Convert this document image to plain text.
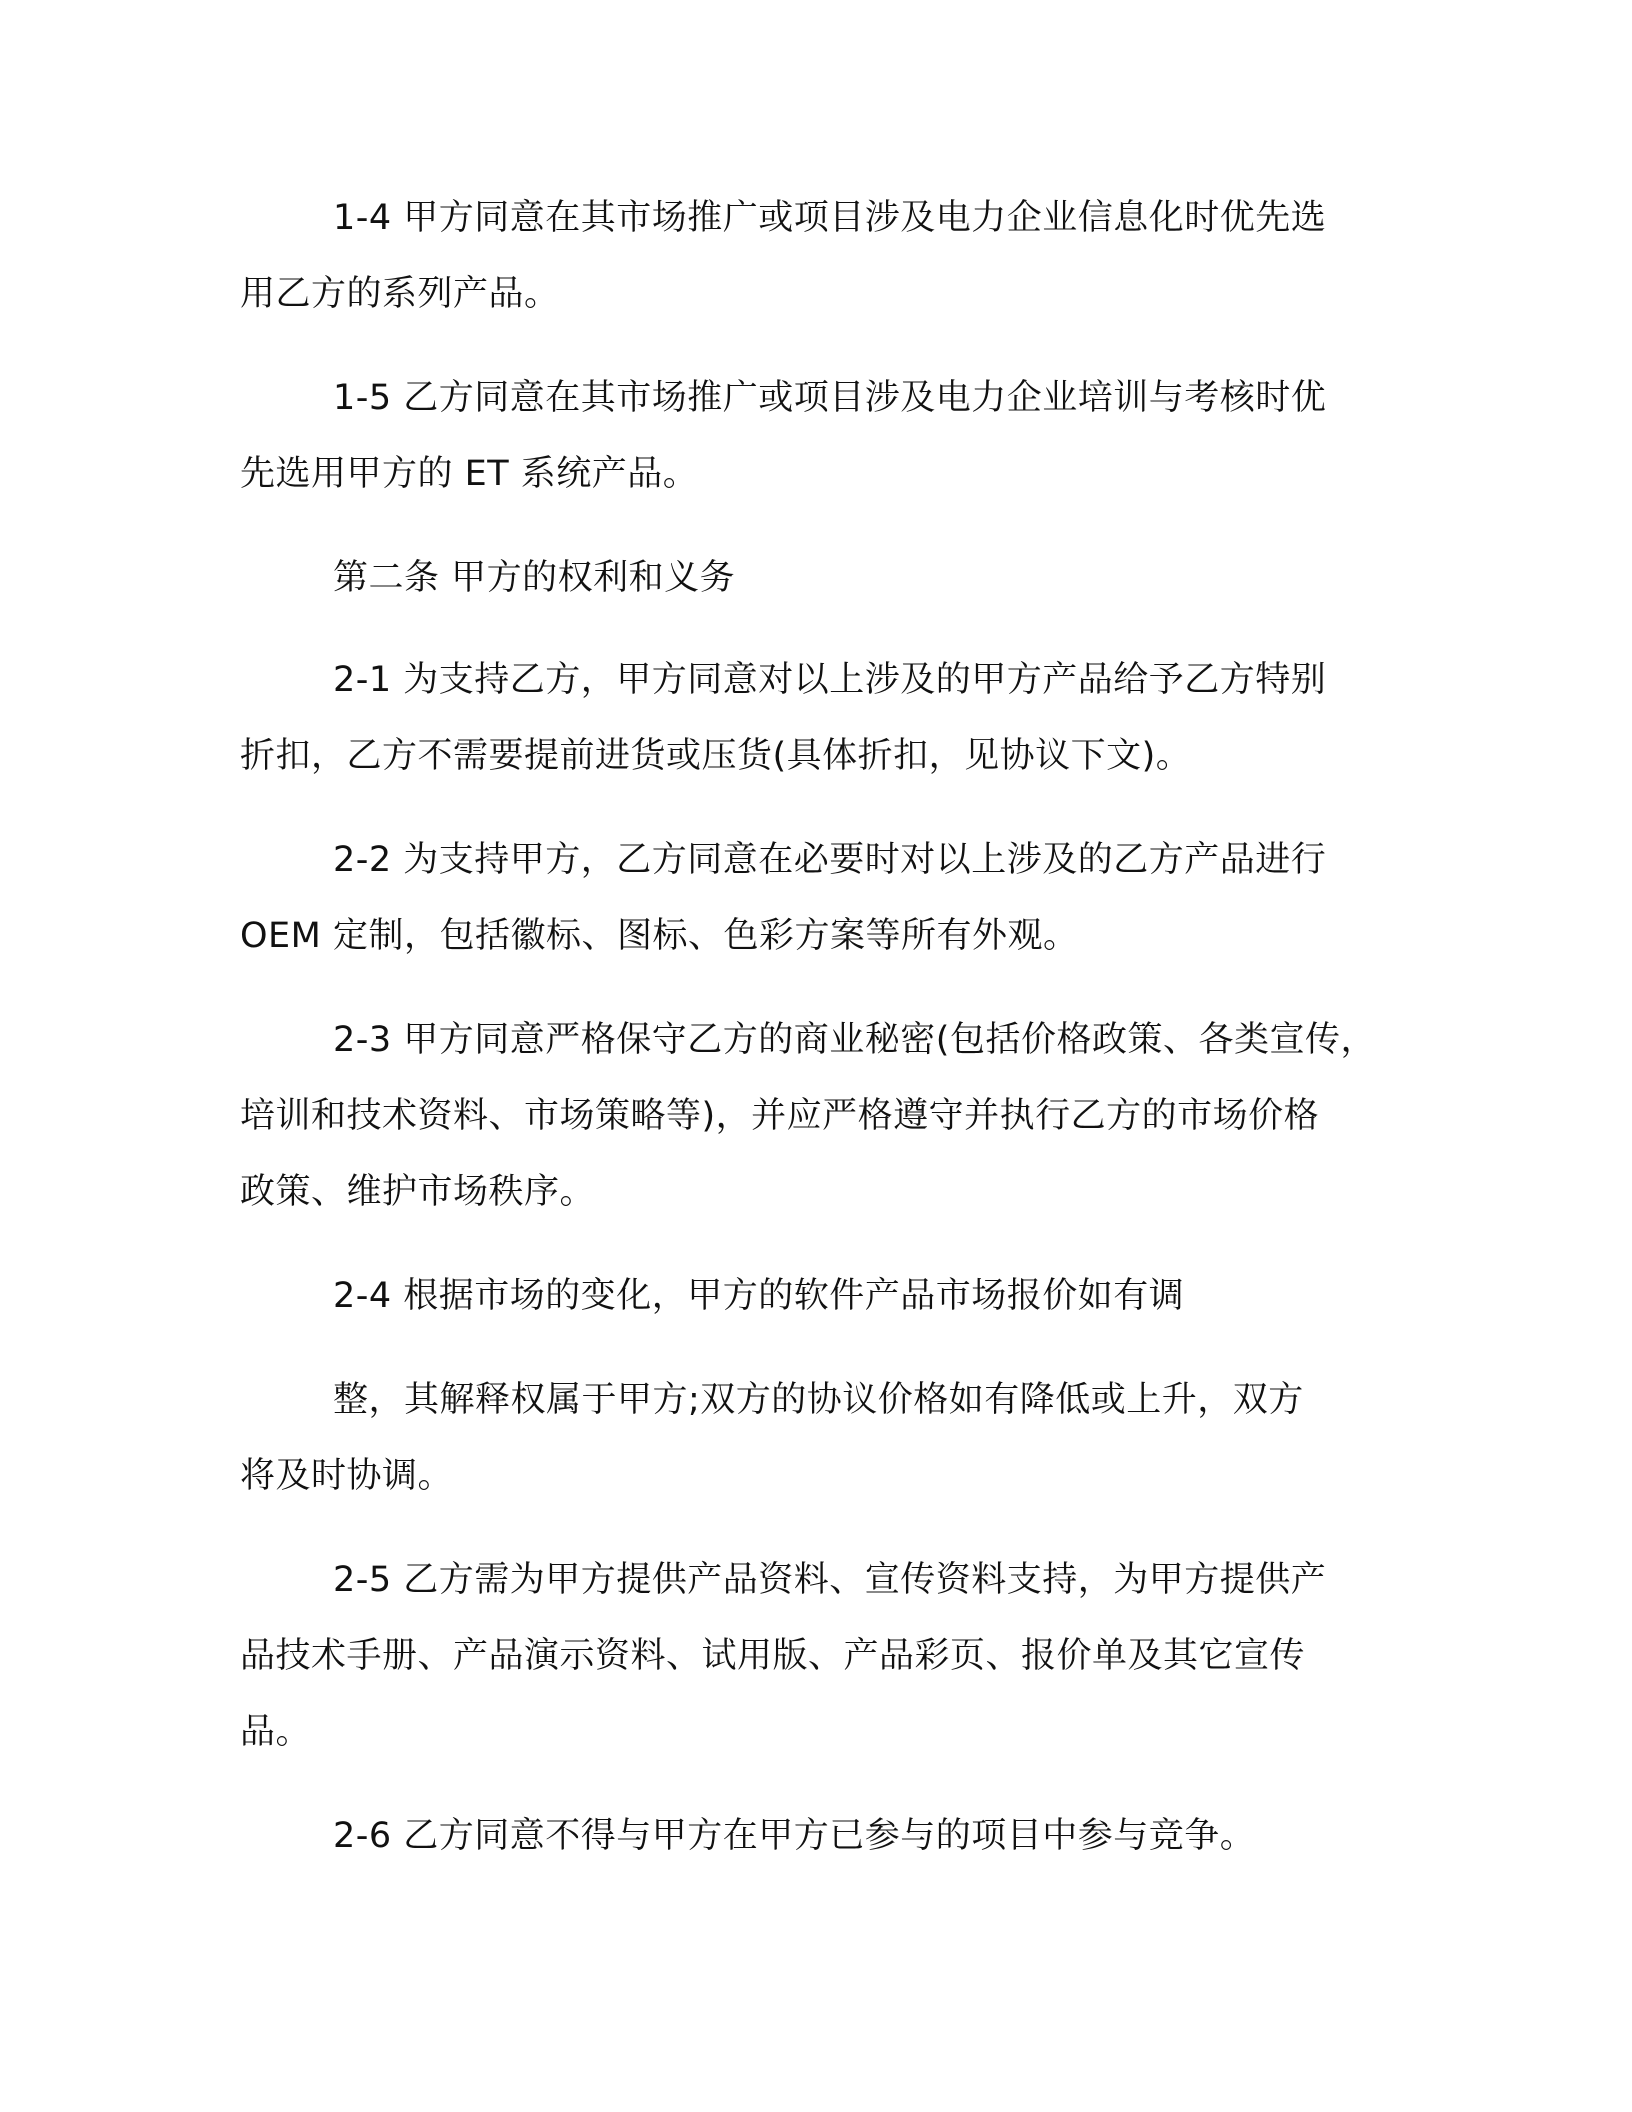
1-4 甲方同意在其市场推广或项目涉及电力企业信息化时优先选
用乙方的系列产品。
1-5 乙方同意在其市场推广或项目涉及电力企业培训与考核时优
先选用甲方的 ET 系统产品。
第二条 甲方的权利和义务
2-1 为支持乙方，甲方同意对以上涉及的甲方产品给予乙方特别
折扣，乙方不需要提前进货或压货(具体折扣，见协议下文)。
2-2 为支持甲方，乙方同意在必要时对以上涉及的乙方产品进行
OEM 定制，包括徽标、图标、色彩方案等所有外观。
2-3 甲方同意严格保守乙方的商业秘密(包括价格政策、各类宣传，
培训和技术资料、市场策略等)，并应严格遵守并执行乙方的市场价格
政策、维护市场秩序。
2-4 根据市场的变化，甲方的软件产品市场报价如有调
整，其解释权属于甲方;双方的协议价格如有降低或上升，双方
将及时协调。
2-5 乙方需为甲方提供产品资料、宣传资料支持，为甲方提供产
品技术手册、产品演示资料、试用版、产品彩页、报价单及其它宣传
品。
2-6 乙方同意不得与甲方在甲方已参与的项目中参与竞争。
